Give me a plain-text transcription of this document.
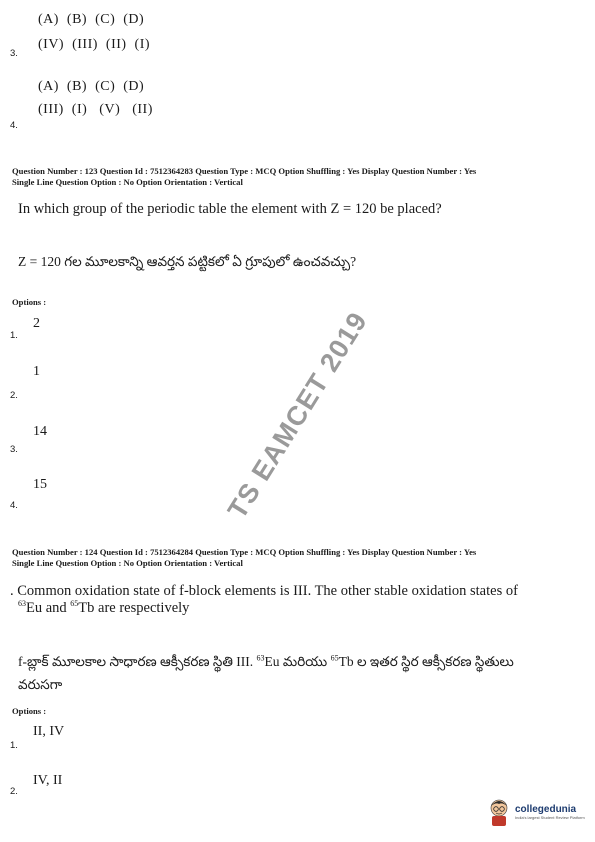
(A)  (B)  (C)  (D)
(IV)  (III)  (II)  (I)
3.
(A)  (B)  (C)  (D)
(III)  (I)   (V)   (II)
4.
Question Number : 123 Question Id : 7512364283 Question Type : MCQ Option Shuffling : Yes Display Question Number : Yes
Single Line Question Option : No Option Orientation : Vertical
In which group of the periodic table the element with Z = 120 be placed?
Z = 120 గల మూలకాన్ని ఆవర్తన పట్టికలో ఏ గ్రూపులో ఉంచవచ్చు?
Options :
2
1.
1
2.
14
3.
15
4.
Question Number : 124 Question Id : 7512364284 Question Type : MCQ Option Shuffling : Yes Display Question Number : Yes
Single Line Question Option : No Option Orientation : Vertical
. Common oxidation state of f-block elements is III. The other stable oxidation states of
$^{63}$Eu and $^{65}$Tb are respectively
f-బ్లాక్ మూలకాల సాధారణ ఆక్సీకరణ స్థితి III. $^{63}$Eu మరియు $^{65}$Tb ల ఇతర స్థిర ఆక్సీకరణ స్థితులు
వరుసగా
Options :
II, IV
1.
IV, II
2.
TS EAMCET 2019
collegedunia
India's largest Student Review Platform
